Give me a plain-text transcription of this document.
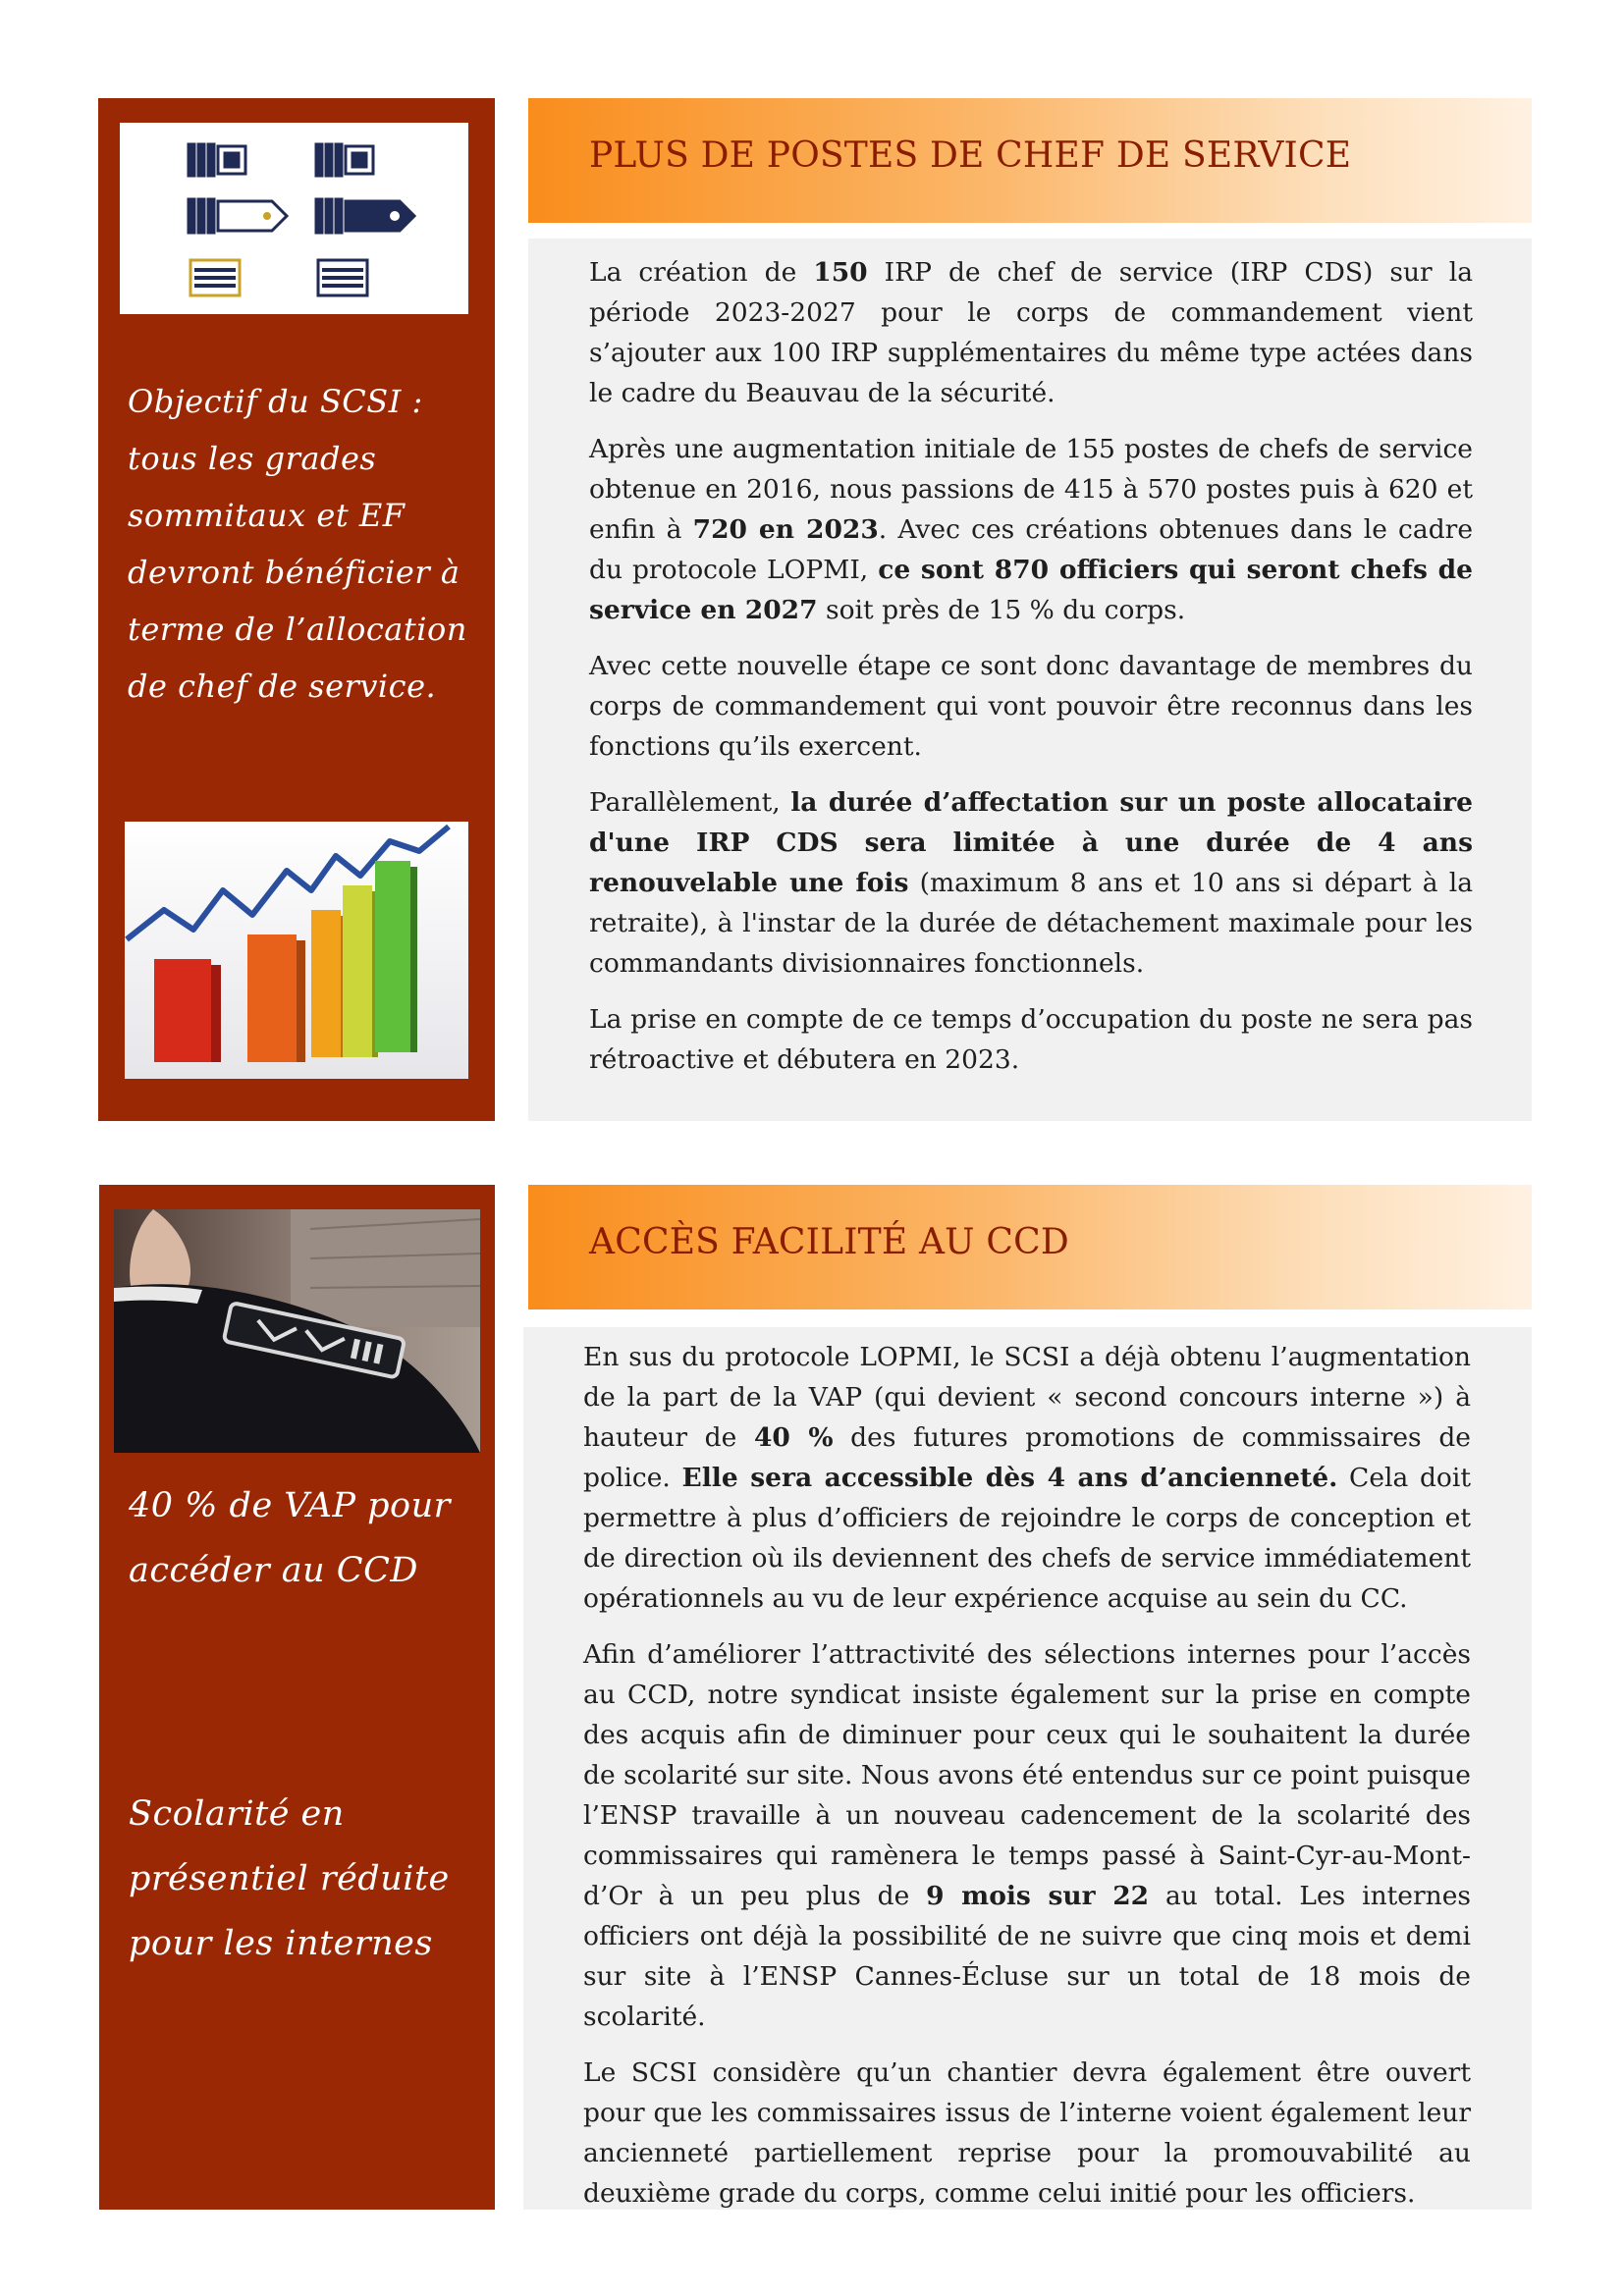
Objectif du SCSI :
tous les grades
sommitaux et EF
devront bénéficier à
terme de l’allocation
de chef de service.
PLUS DE POSTES DE CHEF DE SERVICE

La création de 150 IRP de chef de service (IRP CDS) sur la période 2023-2027 pour le corps de commandement vient s’ajouter aux 100 IRP supplémentaires du même type actées dans le cadre du Beauvau de la sécurité.

Après une augmentation initiale de 155 postes de chefs de service obtenue en 2016, nous passions de 415 à 570 postes puis à 620 et enfin à 720 en 2023. Avec ces créations obtenues dans le cadre du protocole LOPMI, ce sont 870 officiers qui seront chefs de service en 2027 soit près de 15 % du corps.

Avec cette nouvelle étape ce sont donc davantage de membres du corps de commandement qui vont pouvoir être reconnus dans les fonctions qu’ils exercent.

Parallèlement, la durée d’affectation sur un poste allocataire d'une IRP CDS sera limitée à une durée de 4 ans renouvelable une fois (maximum 8 ans et 10 ans si départ à la retraite), à l'instar de la durée de détachement maximale pour les commandants divisionnaires fonctionnels.

La prise en compte de ce temps d’occupation du poste ne sera pas rétroactive et débutera en 2023.

40 % de VAP pour
accéder au CCD
Scolarité en
présentiel réduite
pour les internes
ACCÈS FACILITÉ AU CCD

En sus du protocole LOPMI, le SCSI a déjà obtenu l’augmentation de la part de la VAP (qui devient « second concours interne ») à hauteur de 40 % des futures promotions de commissaires de police. Elle sera accessible dès 4 ans d’ancienneté. Cela doit permettre à plus d’officiers de rejoindre le corps de conception et de direction où ils deviennent des chefs de service immédiatement opérationnels au vu de leur expérience acquise au sein du CC.

Afin d’améliorer l’attractivité des sélections internes pour l’accès au CCD, notre syndicat insiste également sur la prise en compte des acquis afin de diminuer pour ceux qui le souhaitent la durée de scolarité sur site. Nous avons été entendus sur ce point puisque l’ENSP travaille à un nouveau cadencement de la scolarité des commissaires qui ramènera le temps passé à Saint-Cyr-au-Mont-d’Or à un peu plus de 9 mois sur 22 au total. Les internes officiers ont déjà la possibilité de ne suivre que cinq mois et demi sur site à l’ENSP Cannes-Écluse sur un total de 18 mois de scolarité.

Le SCSI considère qu’un chantier devra également être ouvert pour que les commissaires issus de l’interne voient également leur ancienneté partiellement reprise pour la promouvabilité au deuxième grade du corps, comme celui initié pour les officiers.
